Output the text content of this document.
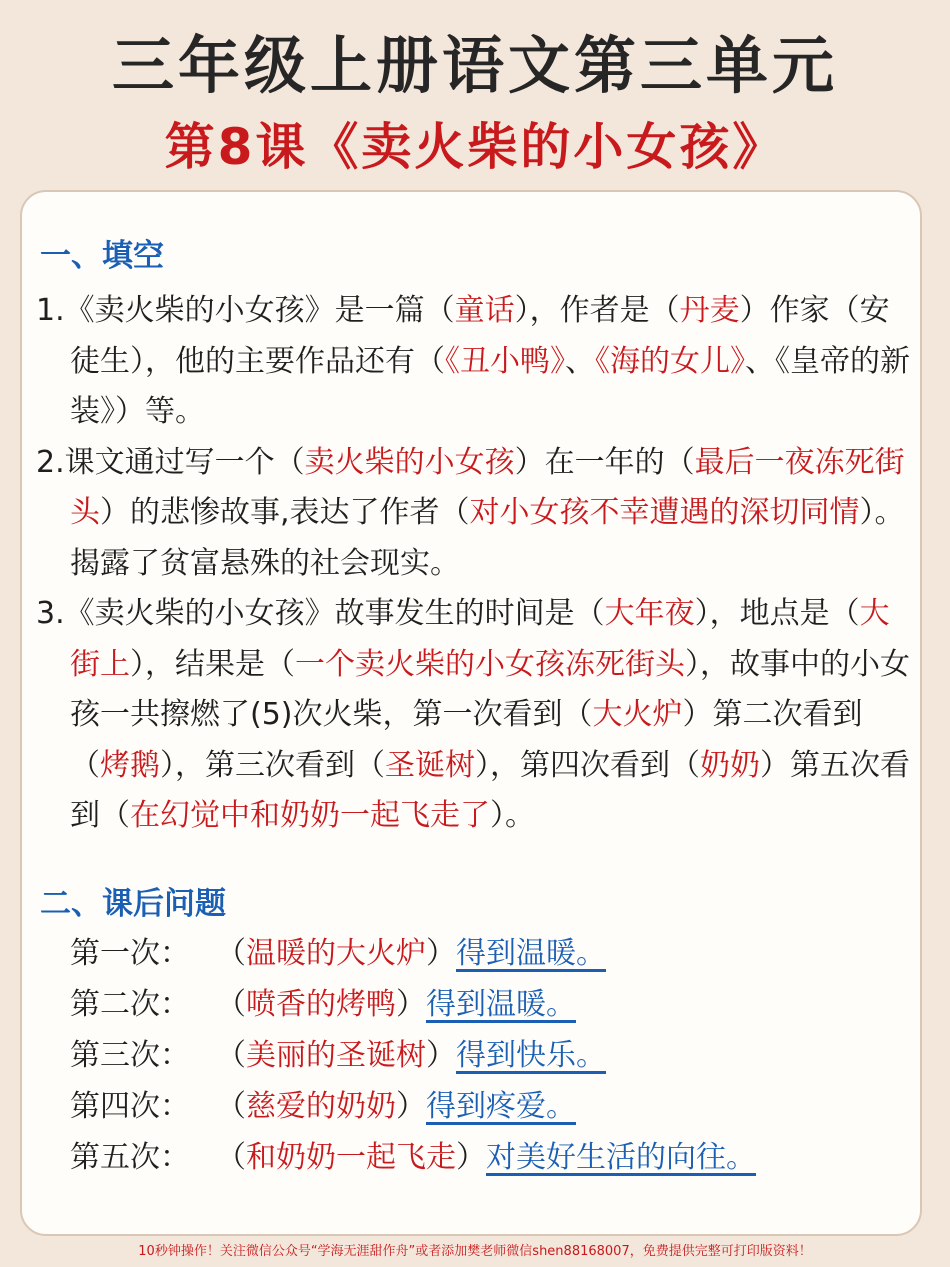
三年级上册语文第三单元
第8课《卖火柴的小女孩》
一、填空

1.《卖火柴的小女孩》是一篇（童话），作者是（丹麦）作家（安徒生），他的主要作品还有（《丑小鸭》、《海的女儿》、《皇帝的新装》）等。

2.课文通过写一个（卖火柴的小女孩）在一年的（最后一夜冻死街头）的悲惨故事,表达了作者（对小女孩不幸遭遇的深切同情）。揭露了贫富悬殊的社会现实。

3.《卖火柴的小女孩》故事发生的时间是（大年夜），地点是（大街上），结果是（一个卖火柴的小女孩冻死街头），故事中的小女孩一共擦燃了(5)次火柴，第一次看到（大火炉）第二次看到（烤鹅），第三次看到（圣诞树），第四次看到（奶奶）第五次看到（在幻觉中和奶奶一起飞走了）。

二、课后问题
第一次： （温暖的大火炉）得到温暖。
第二次： （喷香的烤鸭）得到温暖。
第三次： （美丽的圣诞树）得到快乐。
第四次： （慈爱的奶奶）得到疼爱。
第五次： （和奶奶一起飞走）对美好生活的向往。
10秒钟操作！关注微信公众号“学海无涯甜作舟”或者添加樊老师微信shen88168007，免费提供完整可打印版资料！
